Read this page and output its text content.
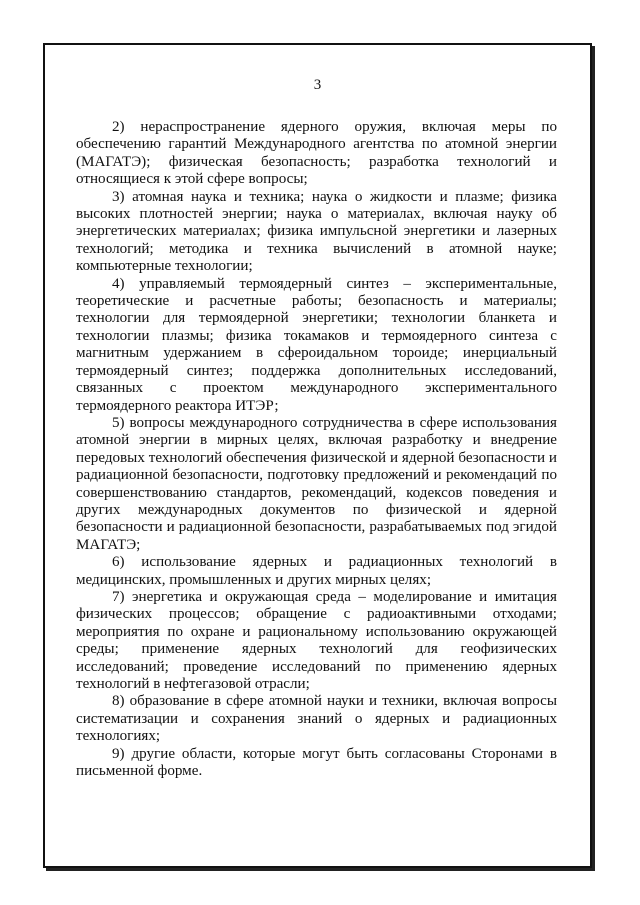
3

2) нераспространение ядерного оружия, включая меры по обеспечению гарантий Международного агентства по атомной энергии (МАГАТЭ); физическая безопасность; разработка технологий и относящиеся к этой сфере вопросы;

3) атомная наука и техника; наука о жидкости и плазме; физика высоких плотностей энергии; наука о материалах, включая науку об энергетических материалах; физика импульсной энергетики и лазерных технологий; методика и техника вычислений в атомной науке; компьютерные технологии;

4) управляемый термоядерный синтез – экспериментальные, теоретические и расчетные работы; безопасность и материалы; технологии для термоядерной энергетики; технологии бланкета и технологии плазмы; физика токамаков и термоядерного синтеза с магнитным удержанием в сфероидальном тороиде; инерциальный термоядерный синтез; поддержка дополнительных исследований, связанных с проектом международного экспериментального термоядерного реактора ИТЭР;

5) вопросы международного сотрудничества в сфере использования атомной энергии в мирных целях, включая разработку и внедрение передовых технологий обеспечения физической и ядерной безопасности и радиационной безопасности, подготовку предложений и рекомендаций по совершенствованию стандартов, рекомендаций, кодексов поведения и других международных документов по физической и ядерной безопасности и радиационной безопасности, разрабатываемых под эгидой МАГАТЭ;

6) использование ядерных и радиационных технологий в медицинских, промышленных и других мирных целях;

7) энергетика и окружающая среда – моделирование и имитация физических процессов; обращение с радиоактивными отходами; мероприятия по охране и рациональному использованию окружающей среды; применение ядерных технологий для геофизических исследований; проведение исследований по применению ядерных технологий в нефтегазовой отрасли;

8) образование в сфере атомной науки и техники, включая вопросы систематизации и сохранения знаний о ядерных и радиационных технологиях;

9) другие области, которые могут быть согласованы Сторонами в письменной форме.
